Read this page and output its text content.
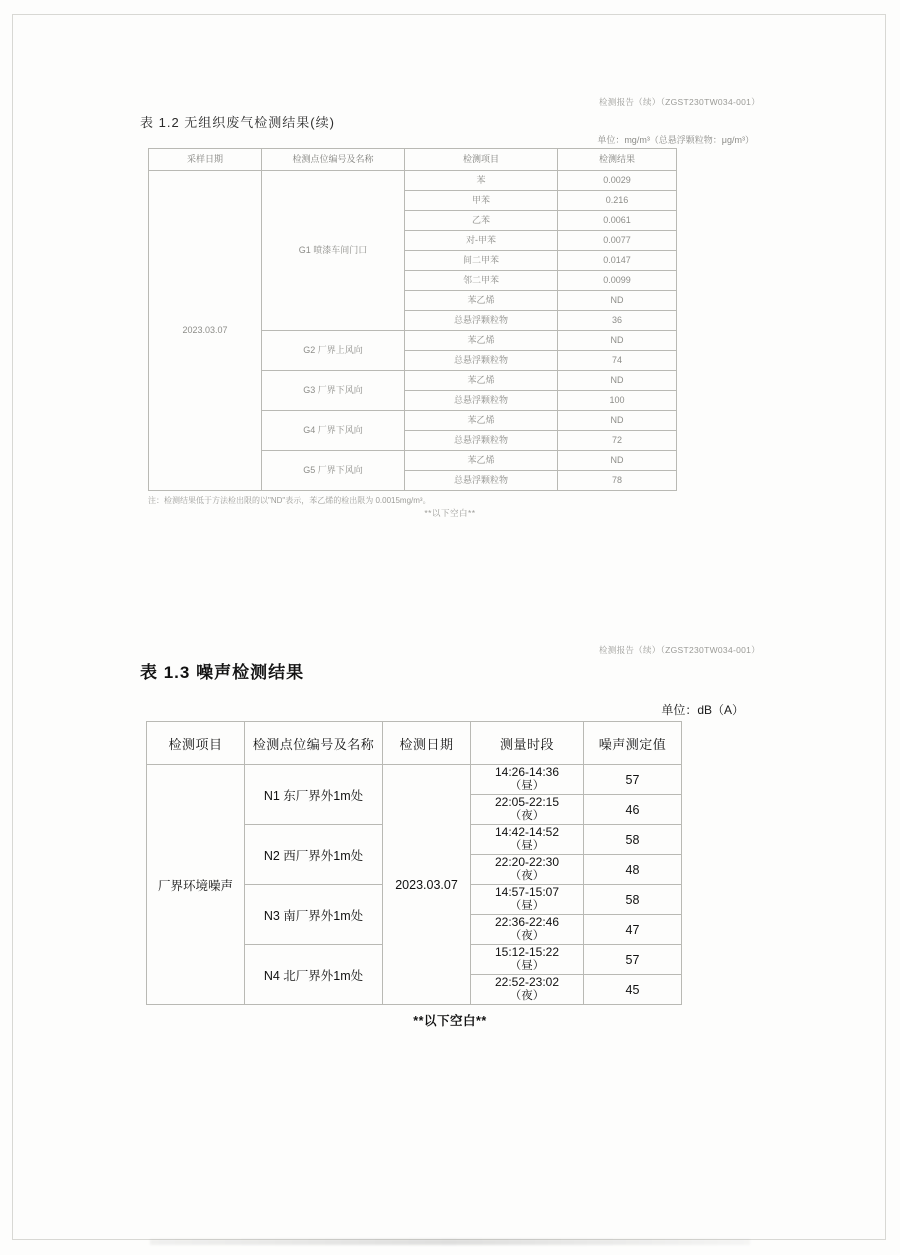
检测报告（续）（ZGST230TW034-001）
表 1.2 无组织废气检测结果(续)
单位：mg/m³（总悬浮颗粒物：μg/m³）
采样日期	检测点位编号及名称	检测项目	检测结果
2023.03.07	G1 喷漆车间门口	苯	0.0029
		甲苯	0.216
		乙苯	0.0061
		对-甲苯	0.0077
		间二甲苯	0.0147
		邻二甲苯	0.0099
		苯乙烯	ND
		总悬浮颗粒物	36
	G2 厂界上风向	苯乙烯	ND
		总悬浮颗粒物	74
	G3 厂界下风向	苯乙烯	ND
		总悬浮颗粒物	100
	G4 厂界下风向	苯乙烯	ND
		总悬浮颗粒物	72
	G5 厂界下风向	苯乙烯	ND
		总悬浮颗粒物	78
注：检测结果低于方法检出限的以"ND"表示，苯乙烯的检出限为 0.0015mg/m³。
**以下空白**
检测报告（续）（ZGST230TW034-001）
表 1.3 噪声检测结果
单位：dB（A）
检测项目	检测点位编号及名称	检测日期	测量时段	噪声测定值
厂界环境噪声	N1 东厂界外1m处	2023.03.07	14:26-14:36
（昼）	57
			22:05-22:15
（夜）	46
	N2 西厂界外1m处		14:42-14:52
（昼）	58
			22:20-22:30
（夜）	48
	N3 南厂界外1m处		14:57-15:07
（昼）	58
			22:36-22:46
（夜）	47
	N4 北厂界外1m处		15:12-15:22
（昼）	57
			22:52-23:02
（夜）	45
**以下空白**
